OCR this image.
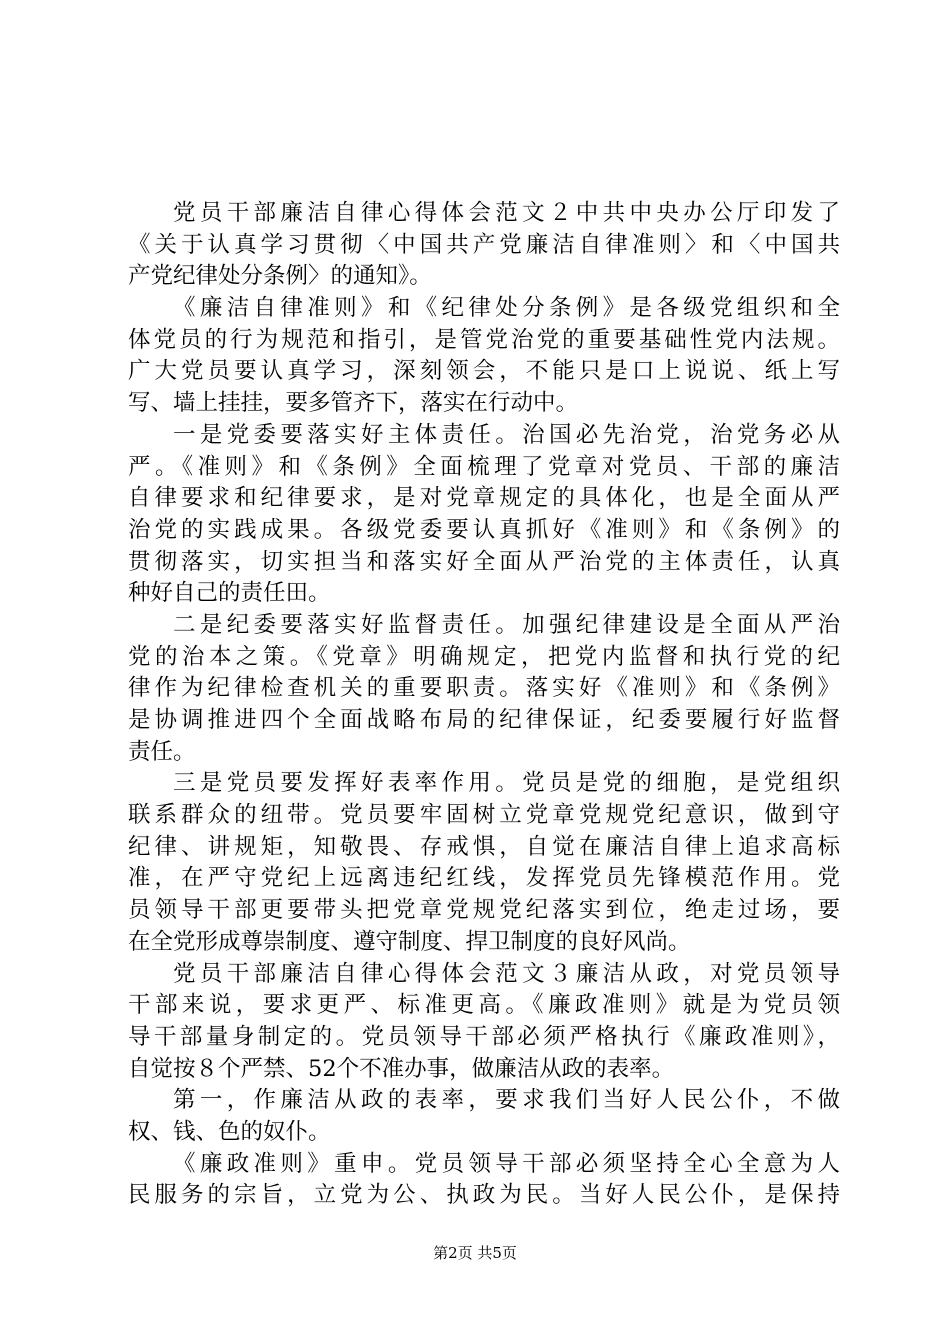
党员干部廉洁自律心得体会范文２中共中央办公厅印发了
《关于认真学习贯彻〈中国共产党廉洁自律准则〉和〈中国共
产党纪律处分条例〉的通知》。
《廉洁自律准则》和《纪律处分条例》是各级党组织和全
体党员的行为规范和指引，是管党治党的重要基础性党内法规。
广大党员要认真学习，深刻领会，不能只是口上说说、纸上写
写、墙上挂挂，要多管齐下，落实在行动中。
一是党委要落实好主体责任。治国必先治党，治党务必从
严。《准则》和《条例》全面梳理了党章对党员、干部的廉洁
自律要求和纪律要求，是对党章规定的具体化，也是全面从严
治党的实践成果。各级党委要认真抓好《准则》和《条例》的
贯彻落实，切实担当和落实好全面从严治党的主体责任，认真
种好自己的责任田。
二是纪委要落实好监督责任。加强纪律建设是全面从严治
党的治本之策。《党章》明确规定，把党内监督和执行党的纪
律作为纪律检查机关的重要职责。落实好《准则》和《条例》
是协调推进四个全面战略布局的纪律保证，纪委要履行好监督
责任。
三是党员要发挥好表率作用。党员是党的细胞，是党组织
联系群众的纽带。党员要牢固树立党章党规党纪意识，做到守
纪律、讲规矩，知敬畏、存戒惧，自觉在廉洁自律上追求高标
准，在严守党纪上远离违纪红线，发挥党员先锋模范作用。党
员领导干部更要带头把党章党规党纪落实到位，绝走过场，要
在全党形成尊崇制度、遵守制度、捍卫制度的良好风尚。
党员干部廉洁自律心得体会范文３廉洁从政，对党员领导
干部来说，要求更严、标准更高。《廉政准则》就是为党员领
导干部量身制定的。党员领导干部必须严格执行《廉政准则》，
自觉按８个严禁、52个不准办事，做廉洁从政的表率。
第一，作廉洁从政的表率，要求我们当好人民公仆，不做
权、钱、色的奴仆。
《廉政准则》重申。党员领导干部必须坚持全心全意为人
民服务的宗旨，立党为公、执政为民。当好人民公仆，是保持
第2页 共5页
